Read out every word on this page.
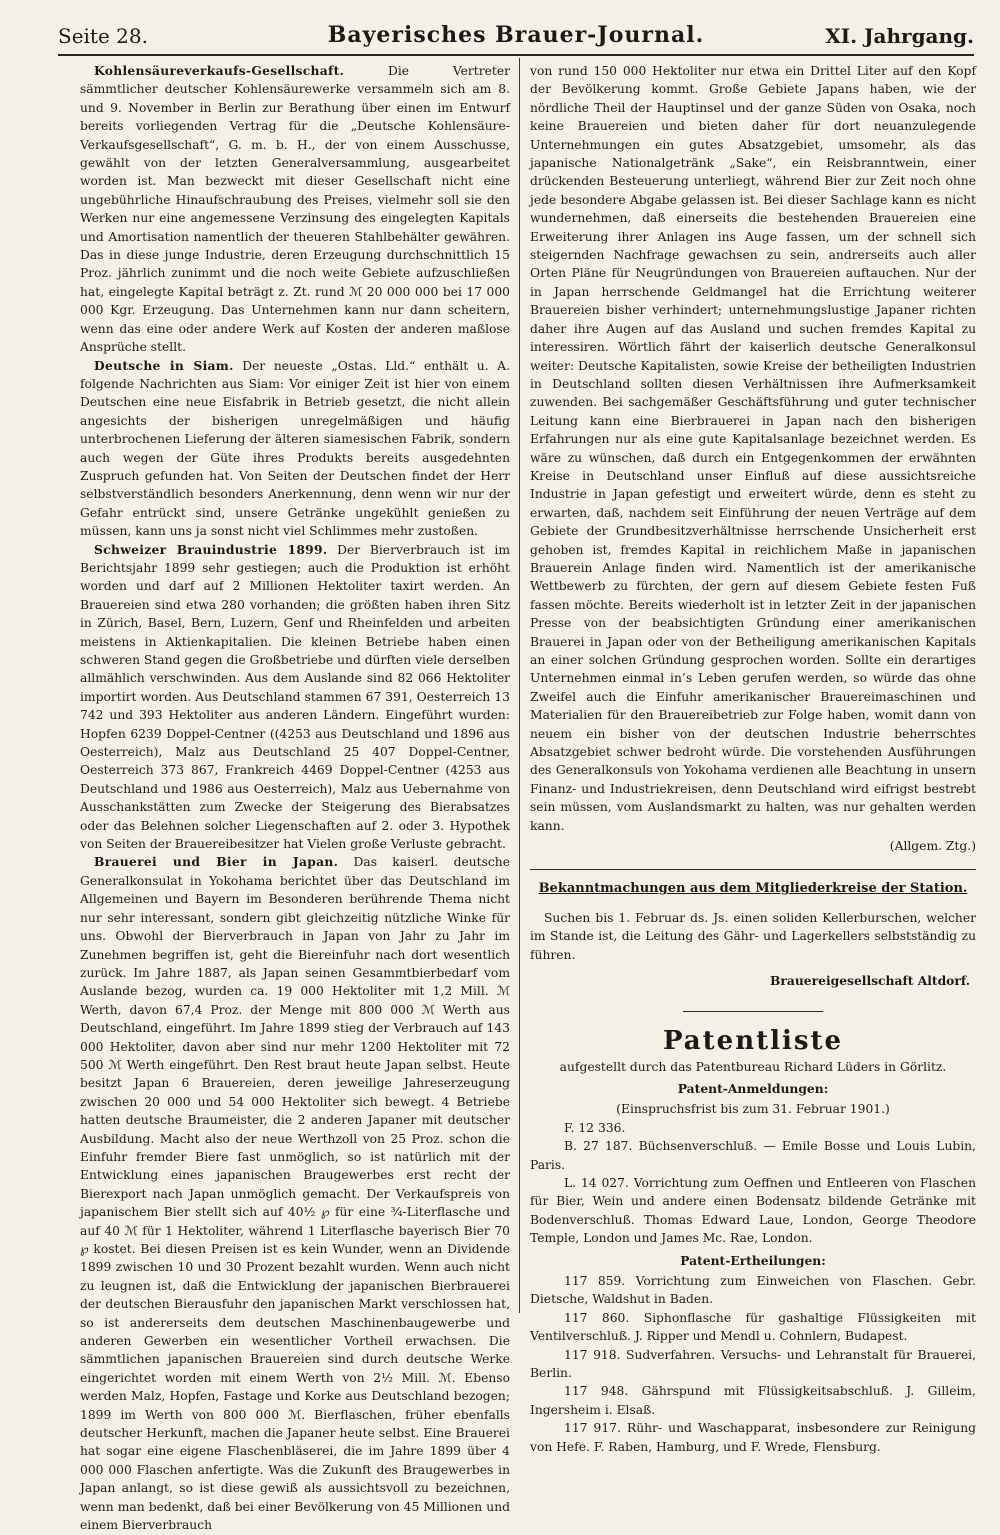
Seite 28.	Bayerisches Brauer-Journal.	XI. Jahrgang.

Kohlensäureverkaufs-Gesellschaft.	Die Vertreter sämmtlicher deutscher Kohlensäurewerke versammeln sich am 8. und 9. November in Berlin zur Berathung über einen im Entwurf bereits vorliegenden Vertrag für die „Deutsche Kohlensäure-Verkaufsgesellschaft“, G. m. b. H., der von einem Ausschusse, gewählt von der letzten Generalversammlung, ausgearbeitet worden ist. Man bezweckt mit dieser Gesellschaft nicht eine ungebührliche Hinaufschraubung des Preises, vielmehr soll sie den Werken nur eine angemessene Verzinsung des eingelegten Kapitals und Amortisation namentlich der theueren Stahlbehälter gewähren. Das in diese junge Industrie, deren Erzeugung durchschnittlich 15 Proz. jährlich zunimmt und die noch weite Gebiete aufzuschließen hat, eingelegte Kapital beträgt z. Zt. rund ℳ 20 000 000 bei 17 000 000 Kgr. Erzeugung. Das Unternehmen kann nur dann scheitern, wenn das eine oder andere Werk auf Kosten der anderen maßlose Ansprüche stellt.

Deutsche in Siam. Der neueste „Ostas. Lld.“ enthält u. A. folgende Nachrichten aus Siam: Vor einiger Zeit ist hier von einem Deutschen eine neue Eisfabrik in Betrieb gesetzt, die nicht allein angesichts der bisherigen unregelmäßigen und häufig unterbrochenen Lieferung der älteren siamesischen Fabrik, sondern auch wegen der Güte ihres Produkts bereits ausgedehnten Zuspruch gefunden hat. Von Seiten der Deutschen findet der Herr selbstverständlich besonders Anerkennung, denn wenn wir nur der Gefahr entrückt sind, unsere Getränke ungekühlt genießen zu müssen, kann uns ja sonst nicht viel Schlimmes mehr zustoßen.

Schweizer Brauindustrie 1899. Der Bierverbrauch ist im Berichtsjahr 1899 sehr gestiegen; auch die Produktion ist erhöht worden und darf auf 2 Millionen Hektoliter taxirt werden. An Brauereien sind etwa 280 vorhanden; die größten haben ihren Sitz in Zürich, Basel, Bern, Luzern, Genf und Rheinfelden und arbeiten meistens in Aktienkapitalien. Die kleinen Betriebe haben einen schweren Stand gegen die Großbetriebe und dürften viele derselben allmählich verschwinden. Aus dem Auslande sind 82 066 Hektoliter importirt worden. Aus Deutschland stammen 67 391, Oesterreich 13 742 und 393 Hektoliter aus anderen Ländern. Eingeführt wurden: Hopfen 6239 Doppel-Centner ((4253 aus Deutschland und 1896 aus Oesterreich), Malz aus Deutschland 25 407 Doppel-Centner, Oesterreich 373 867, Frankreich 4469 Doppel-Centner (4253 aus Deutschland und 1986 aus Oesterreich), Malz aus Uebernahme von Ausschankstätten zum Zwecke der Steigerung des Bierabsatzes oder das Belehnen solcher Liegenschaften auf 2. oder 3. Hypothek von Seiten der Brauereibesitzer hat Vielen große Verluste gebracht.

Brauerei und Bier in Japan. Das kaiserl. deutsche Generalkonsulat in Yokohama berichtet über das Deutschland im Allgemeinen und Bayern im Besonderen berührende Thema nicht nur sehr interessant, sondern gibt gleichzeitig nützliche Winke für uns. Obwohl der Bierverbrauch in Japan von Jahr zu Jahr im Zunehmen begriffen ist, geht die Biereinfuhr nach dort wesentlich zurück. Im Jahre 1887, als Japan seinen Gesammtbierbedarf vom Auslande bezog, wurden ca. 19 000 Hektoliter mit 1,2 Mill. ℳ Werth, davon 67,4 Proz. der Menge mit 800 000 ℳ Werth aus Deutschland, eingeführt. Im Jahre 1899 stieg der Verbrauch auf 143 000 Hektoliter, davon aber sind nur mehr 1200 Hektoliter mit 72 500 ℳ Werth eingeführt. Den Rest braut heute Japan selbst. Heute besitzt Japan 6 Brauereien, deren jeweilige Jahreserzeugung zwischen 20 000 und 54 000 Hektoliter sich bewegt. 4 Betriebe hatten deutsche Braumeister, die 2 anderen Japaner mit deutscher Ausbildung. Macht also der neue Werthzoll von 25 Proz. schon die Einfuhr fremder Biere fast unmöglich, so ist natürlich mit der Entwicklung eines japanischen Braugewerbes erst recht der Bierexport nach Japan unmöglich gemacht. Der Verkaufspreis von japanischem Bier stellt sich auf 40½ ℘ für eine ¾-Literflasche und auf 40 ℳ für 1 Hektoliter, während 1 Literflasche bayerisch Bier 70 ℘ kostet. Bei diesen Preisen ist es kein Wunder, wenn an Dividende 1899 zwischen 10 und 30 Prozent bezahlt wurden. Wenn auch nicht zu leugnen ist, daß die Entwicklung der japanischen Bierbrauerei der deutschen Bierausfuhr den japanischen Markt verschlossen hat, so ist andererseits dem deutschen Maschinenbaugewerbe und anderen Gewerben ein wesentlicher Vortheil erwachsen. Die sämmtlichen japanischen Brauereien sind durch deutsche Werke eingerichtet worden mit einem Werth von 2½ Mill. ℳ. Ebenso werden Malz, Hopfen, Fastage und Korke aus Deutschland bezogen; 1899 im Werth von 800 000 ℳ. Bierflaschen, früher ebenfalls deutscher Herkunft, machen die Japaner heute selbst. Eine Brauerei hat sogar eine eigene Flaschenbläserei, die im Jahre 1899 über 4 000 000 Flaschen anfertigte. Was die Zukunft des Braugewerbes in Japan anlangt, so ist diese gewiß als aussichtsvoll zu bezeichnen, wenn man bedenkt, daß bei einer Bevölkerung von 45 Millionen und einem Bierverbrauch

von rund 150 000 Hektoliter nur etwa ein Drittel Liter auf den Kopf der Bevölkerung kommt. Große Gebiete Japans haben, wie der nördliche Theil der Hauptinsel und der ganze Süden von Osaka, noch keine Brauereien und bieten daher für dort neuanzulegende Unternehmungen ein gutes Absatzgebiet, umsomehr, als das japanische Nationalgetränk „Sake“, ein Reisbranntwein, einer drückenden Besteuerung unterliegt, während Bier zur Zeit noch ohne jede besondere Abgabe gelassen ist. Bei dieser Sachlage kann es nicht wundernehmen, daß einerseits die bestehenden Brauereien eine Erweiterung ihrer Anlagen ins Auge fassen, um der schnell sich steigernden Nachfrage gewachsen zu sein, andrerseits auch aller Orten Pläne für Neugründungen von Brauereien auftauchen. Nur der in Japan herrschende Geldmangel hat die Errichtung weiterer Brauereien bisher verhindert; unternehmungslustige Japaner richten daher ihre Augen auf das Ausland und suchen fremdes Kapital zu interessiren. Wörtlich fährt der kaiserlich deutsche Generalkonsul weiter: Deutsche Kapitalisten, sowie Kreise der betheiligten Industrien in Deutschland sollten diesen Verhältnissen ihre Aufmerksamkeit zuwenden. Bei sachgemäßer Geschäftsführung und guter technischer Leitung kann eine Bierbrauerei in Japan nach den bisherigen Erfahrungen nur als eine gute Kapitalsanlage bezeichnet werden. Es wäre zu wünschen, daß durch ein Entgegenkommen der erwähnten Kreise in Deutschland unser Einfluß auf diese aussichtsreiche Industrie in Japan gefestigt und erweitert würde, denn es steht zu erwarten, daß, nachdem seit Einführung der neuen Verträge auf dem Gebiete der Grundbesitzverhältnisse herrschende Unsicherheit erst gehoben ist, fremdes Kapital in reichlichem Maße in japanischen Brauerein Anlage finden wird. Namentlich ist der amerikanische Wettbewerb zu fürchten, der gern auf diesem Gebiete festen Fuß fassen möchte. Bereits wiederholt ist in letzter Zeit in der japanischen Presse von der beabsichtigten Gründung einer amerikanischen Brauerei in Japan oder von der Betheiligung amerikanischen Kapitals an einer solchen Gründung gesprochen worden. Sollte ein derartiges Unternehmen einmal in’s Leben gerufen werden, so würde das ohne Zweifel auch die Einfuhr amerikanischer Brauereimaschinen und Materialien für den Brauereibetrieb zur Folge haben, womit dann von neuem ein bisher von der deutschen Industrie beherrschtes Absatzgebiet schwer bedroht würde. Die vorstehenden Ausführungen des Generalkonsuls von Yokohama verdienen alle Beachtung in unsern Finanz- und Industriekreisen, denn Deutschland wird eifrigst bestrebt sein müssen, vom Auslandsmarkt zu halten, was nur gehalten werden kann.

(Allgem. Ztg.)
Bekanntmachungen aus dem Mitgliederkreise der Station.

Suchen bis 1. Februar ds. Js. einen soliden Kellerburschen, welcher im Stande ist, die Leitung des Gähr- und Lagerkellers selbstständig zu führen.

Brauereigesellschaft Altdorf.
Patentliste

aufgestellt durch das Patentbureau Richard Lüders in Görlitz.

Patent-Anmeldungen:

(Einspruchsfrist bis zum 31. Februar 1901.)

F. 12 336.

B. 27 187. Büchsenverschluß. — Emile Bosse und Louis Lubin, Paris.

L. 14 027. Vorrichtung zum Oeffnen und Entleeren von Flaschen für Bier, Wein und andere einen Bodensatz bildende Getränke mit Bodenverschluß. Thomas Edward Laue, London, George Theodore Temple, London und James Mc. Rae, London.

Patent-Ertheilungen:

117 859. Vorrichtung zum Einweichen von Flaschen. Gebr. Dietsche, Waldshut in Baden.

117 860. Siphonflasche für gashaltige Flüssigkeiten mit Ventilverschluß. J. Ripper und Mendl u. Cohnlern, Budapest.

117 918. Sudverfahren. Versuchs- und Lehranstalt für Brauerei, Berlin.

117 948. Gährspund mit Flüssigkeitsabschluß. J. Gilleim, Ingersheim i. Elsaß.

117 917. Rühr- und Waschapparat, insbesondere zur Reinigung von Hefe. F. Raben, Hamburg, und F. Wrede, Flensburg.
